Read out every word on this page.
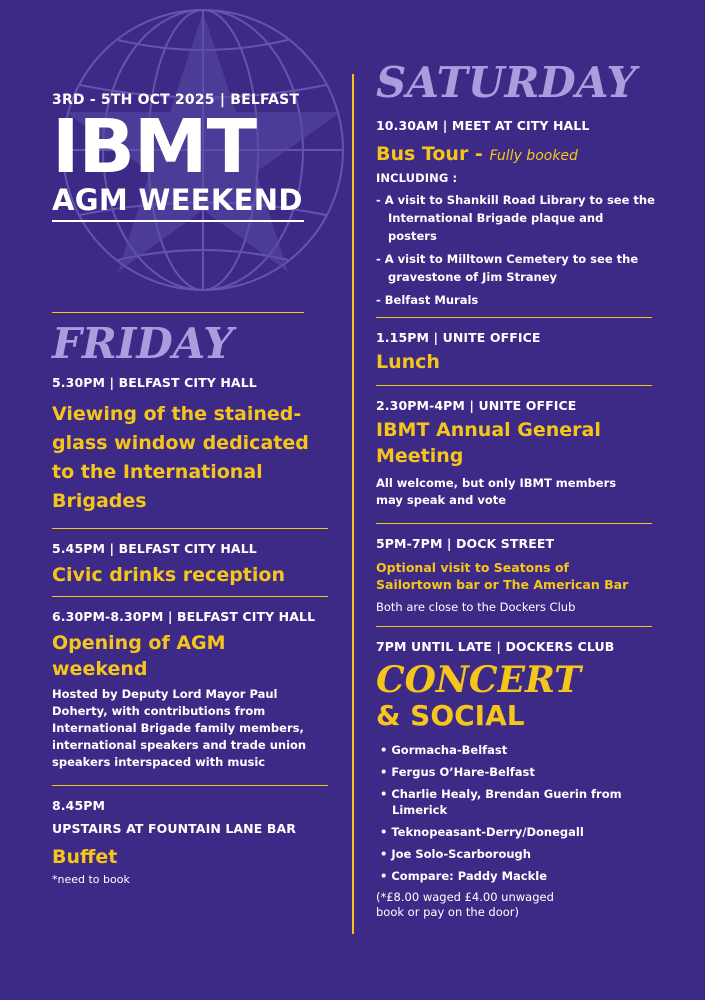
3RD - 5TH OCT 2025 | BELFAST
IBMT
AGM WEEKEND
FRIDAY
5.30PM | BELFAST CITY HALL
Viewing of the stained-glass window dedicated to the International Brigades
5.45PM | BELFAST CITY HALL
Civic drinks reception
6.30PM-8.30PM | BELFAST CITY HALL
Opening of AGM weekend
Hosted by Deputy Lord Mayor Paul Doherty, with contributions from International Brigade family members, international speakers and trade union speakers interspaced with music
8.45PM
UPSTAIRS AT FOUNTAIN LANE BAR
Buffet
*need to book
SATURDAY
10.30AM | MEET AT CITY HALL
Bus Tour - Fully booked
INCLUDING :
- A visit to Shankill Road Library to see the International Brigade plaque and posters
- A visit to Milltown Cemetery to see the gravestone of Jim Straney
- Belfast Murals
1.15PM | UNITE OFFICE
Lunch
2.30PM-4PM | UNITE OFFICE
IBMT Annual General Meeting
All welcome, but only IBMT members may speak and vote
5PM-7PM | DOCK STREET
Optional visit to Seatons of Sailortown bar or The American Bar
Both are close to the Dockers Club
7PM UNTIL LATE | DOCKERS CLUB
CONCERT
& SOCIAL
• Gormacha-Belfast
• Fergus O’Hare-Belfast
• Charlie Healy, Brendan Guerin from Limerick
• Teknopeasant-Derry/Donegall
• Joe Solo-Scarborough
• Compare: Paddy Mackle
(*£8.00 waged £4.00 unwaged book or pay on the door)
